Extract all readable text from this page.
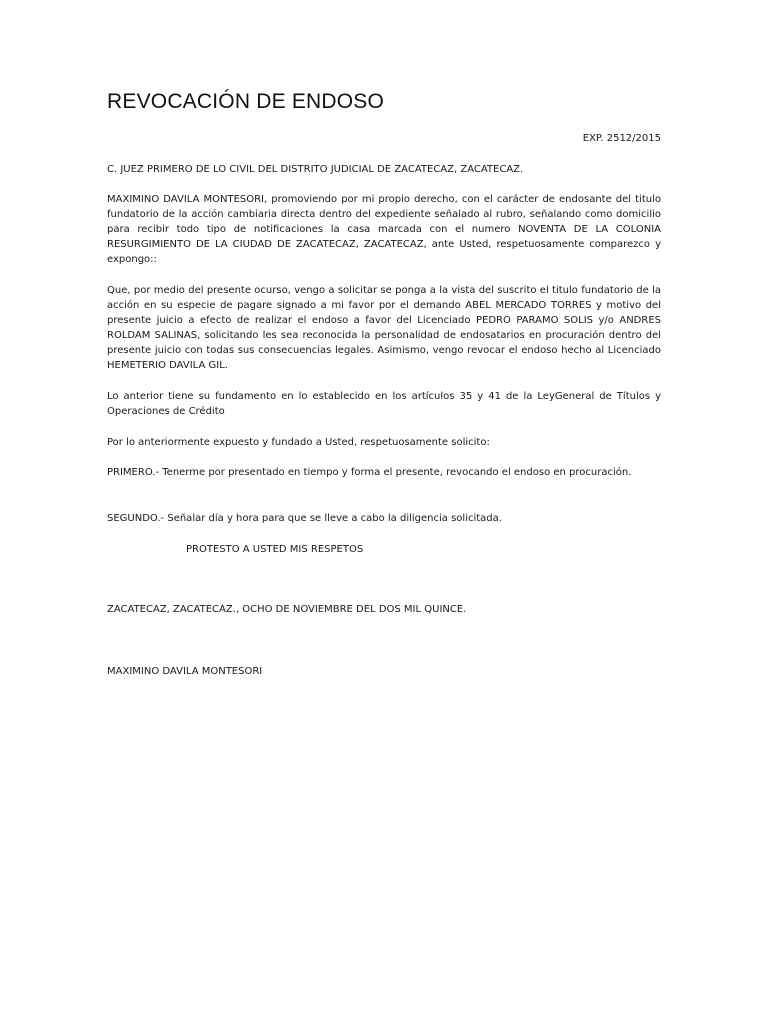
REVOCACIÓN DE ENDOSO

EXP. 2512/2015

C. JUEZ PRIMERO DE LO CIVIL DEL DISTRITO JUDICIAL DE ZACATECAZ, ZACATECAZ.

MAXIMINO DAVILA MONTESORI, promoviendo por mi propio derecho, con el carácter de endosante del titulo fundatorio de la acción cambiaria directa dentro del expediente señalado al rubro, señalando como domicilio para recibir todo tipo de notificaciones la casa marcada con el numero NOVENTA DE LA COLONIA RESURGIMIENTO DE LA CIUDAD DE ZACATECAZ, ZACATECAZ, ante Usted, respetuosamente comparezco y expongo::

Que, por medio del presente ocurso, vengo a solicitar se ponga a la vista del suscrito el titulo fundatorio de la acción en su especie de pagare signado a mi favor por el demando ABEL MERCADO TORRES y motivo del presente juicio a efecto de realizar el endoso a favor del Licenciado PEDRO PARAMO SOLIS y/o ANDRES ROLDAM SALINAS, solicitando les sea reconocida la personalidad de endosatarios en procuración dentro del presente juicio con todas sus consecuencias legales. Asimismo, vengo revocar el endoso hecho al Licenciado HEMETERIO DAVILA GIL.

Lo anterior tiene su fundamento en lo establecido en los artículos 35 y 41 de la LeyGeneral de Títulos y Operaciones de Crédito

Por lo anteriormente expuesto y fundado a Usted, respetuosamente solicito:

PRIMERO.- Tenerme por presentado en tiempo y forma el presente, revocando el endoso en procuración.

SEGUNDO.- Señalar día y hora para que se lleve a cabo la diligencia solicitada.

PROTESTO A USTED MIS RESPETOS

ZACATECAZ, ZACATECAZ., OCHO DE NOVIEMBRE DEL DOS MIL QUINCE.

MAXIMINO DAVILA MONTESORI
